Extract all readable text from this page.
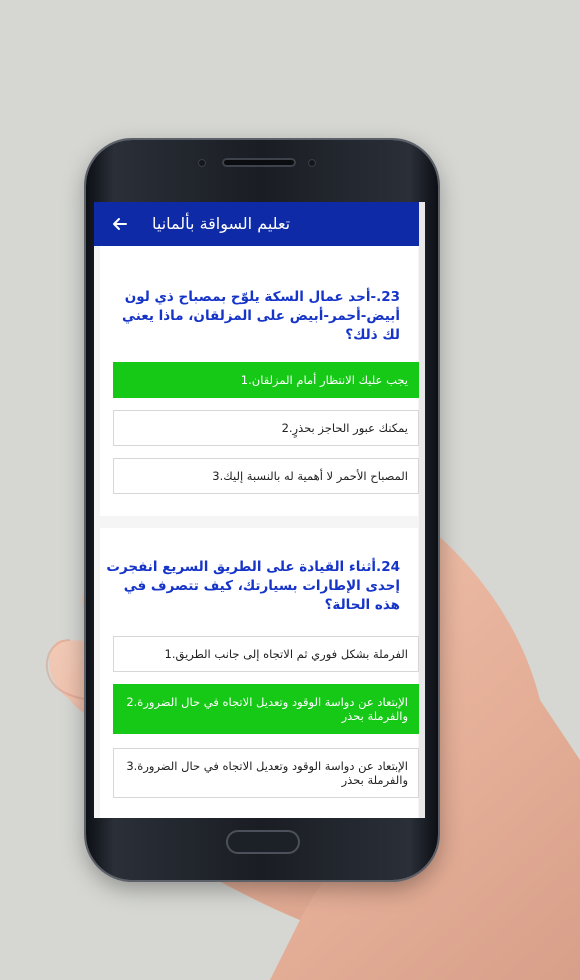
تعليم السواقة بألمانيا
23.-أحد عمال السكة يلوّح بمصباح ذي لون أبيض-أحمر-أبيض على المزلقان، ماذا يعني لك ذلك؟
يجب عليك الانتظار أمام المزلقان.1
يمكنك عبور الحاجز بحذرٍ.2
المصباح الأحمر لا أهمية له بالنسبة إليك.3
24.أثناء القيادة على الطريق السريع انفجرت إحدى الإطارات بسيارتك، كيف تتصرف في هذه الحالة؟
الفرملة بشكل فوري ثم الاتجاه إلى جانب الطريق.1
الإبتعاد عن دواسة الوقود وتعديل الاتجاه في حال الضرورة.2 والفرملة بحذر
الإبتعاد عن دواسة الوقود وتعديل الاتجاه في حال الضرورة.3 والفرملة بحذر
